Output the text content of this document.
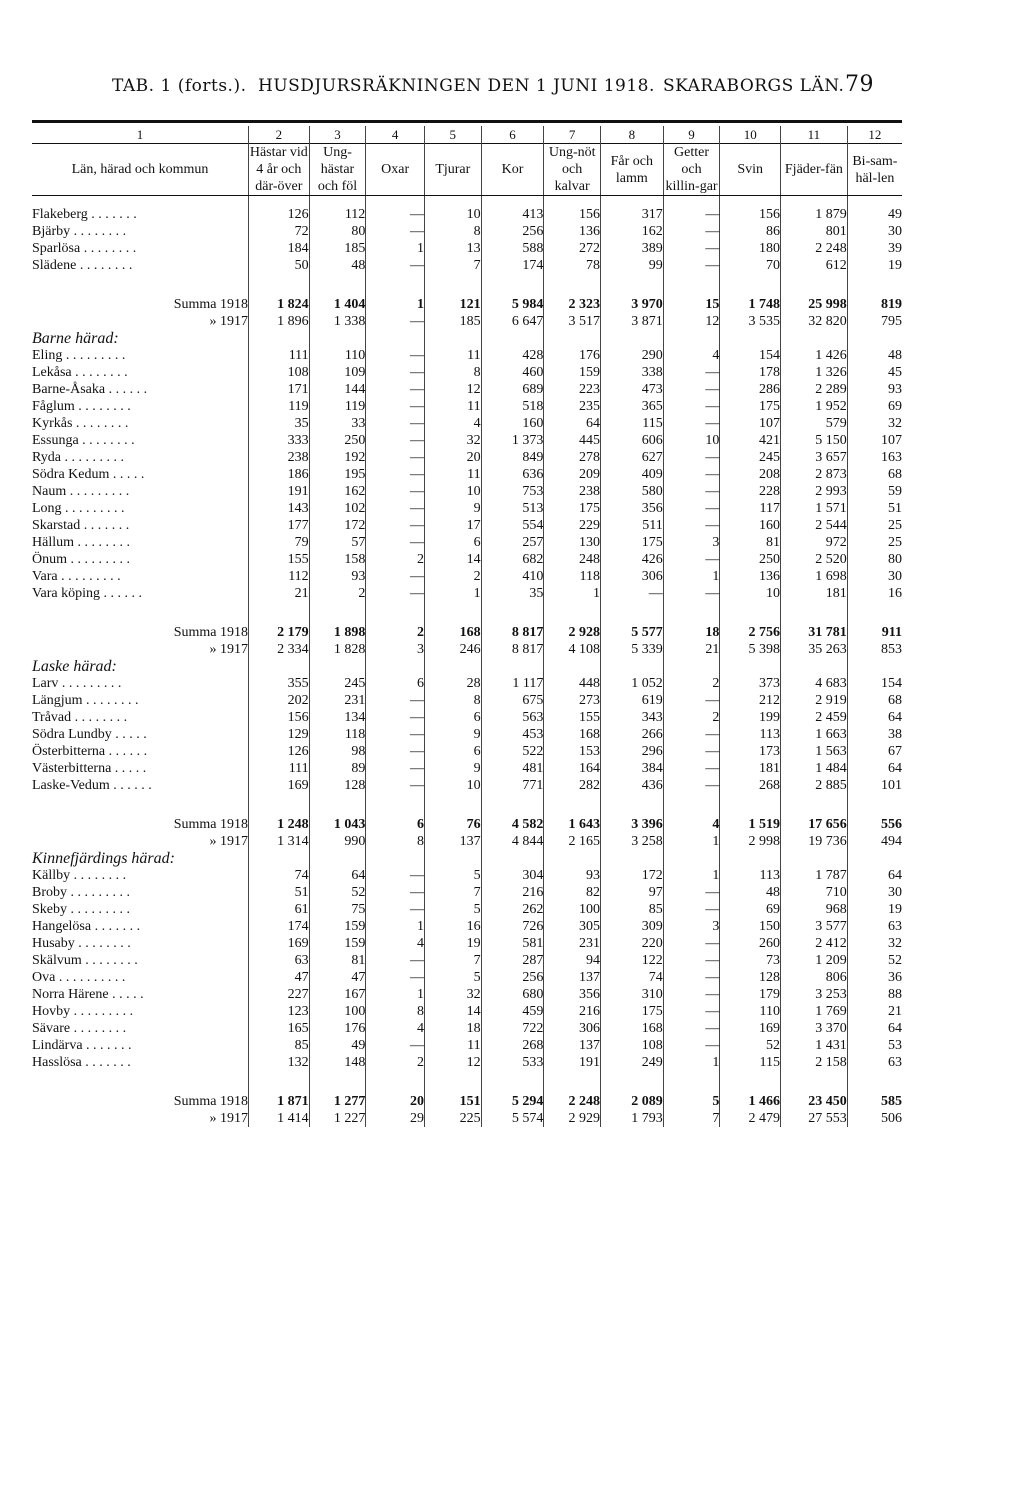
TAB. 1 (forts.). HUSDJURSRÄKNINGEN DEN 1 JUNI 1918. SKARABORGS LÄN. 79
1	2	3	4	5	6	7	8	9	10	11	12
Län, härad och kommun	Hästar vid 4 år och där-över	Ung-hästar och föl	Oxar	Tjurar	Kor	Ung-nöt och kalvar	Får och lamm	Getter och killin-gar	Svin	Fjäder-fän	Bi-sam-häl-len

Flakeberg . . . . . . .	126	112	—	10	413	156	317	—	156	1 879	49
Bjärby . . . . . . . .	72	80	—	8	256	136	162	—	86	801	30
Sparlösa . . . . . . . .	184	185	1	13	588	272	389	—	180	2 248	39
Slädene . . . . . . . .	50	48	—	7	174	78	99	—	70	612	19

Summa 1918	1 824	1 404	1	121	5 984	2 323	3 970	15	1 748	25 998	819
» 1917	1 896	1 338	—	185	6 647	3 517	3 871	12	3 535	32 820	795
Barne härad:											
Eling . . . . . . . . .	111	110	—	11	428	176	290	4	154	1 426	48
Lekåsa . . . . . . . .	108	109	—	8	460	159	338	—	178	1 326	45
Barne-Åsaka . . . . . .	171	144	—	12	689	223	473	—	286	2 289	93
Fåglum . . . . . . . .	119	119	—	11	518	235	365	—	175	1 952	69
Kyrkås . . . . . . . .	35	33	—	4	160	64	115	—	107	579	32
Essunga . . . . . . . .	333	250	—	32	1 373	445	606	10	421	5 150	107
Ryda . . . . . . . . .	238	192	—	20	849	278	627	—	245	3 657	163
Södra Kedum . . . . .	186	195	—	11	636	209	409	—	208	2 873	68
Naum . . . . . . . . .	191	162	—	10	753	238	580	—	228	2 993	59
Long . . . . . . . . .	143	102	—	9	513	175	356	—	117	1 571	51
Skarstad . . . . . . .	177	172	—	17	554	229	511	—	160	2 544	25
Hällum . . . . . . . .	79	57	—	6	257	130	175	3	81	972	25
Önum . . . . . . . . .	155	158	2	14	682	248	426	—	250	2 520	80
Vara . . . . . . . . .	112	93	—	2	410	118	306	1	136	1 698	30
Vara köping . . . . . .	21	2	—	1	35	1	—	—	10	181	16

Summa 1918	2 179	1 898	2	168	8 817	2 928	5 577	18	2 756	31 781	911
» 1917	2 334	1 828	3	246	8 817	4 108	5 339	21	5 398	35 263	853
Laske härad:											
Larv . . . . . . . . .	355	245	6	28	1 117	448	1 052	2	373	4 683	154
Längjum . . . . . . . .	202	231	—	8	675	273	619	—	212	2 919	68
Tråvad . . . . . . . .	156	134	—	6	563	155	343	2	199	2 459	64
Södra Lundby . . . . .	129	118	—	9	453	168	266	—	113	1 663	38
Österbitterna . . . . . .	126	98	—	6	522	153	296	—	173	1 563	67
Västerbitterna . . . . .	111	89	—	9	481	164	384	—	181	1 484	64
Laske-Vedum . . . . . .	169	128	—	10	771	282	436	—	268	2 885	101

Summa 1918	1 248	1 043	6	76	4 582	1 643	3 396	4	1 519	17 656	556
» 1917	1 314	990	8	137	4 844	2 165	3 258	1	2 998	19 736	494
Kinnefjärdings härad:											
Källby . . . . . . . .	74	64	—	5	304	93	172	1	113	1 787	64
Broby . . . . . . . . .	51	52	—	7	216	82	97	—	48	710	30
Skeby . . . . . . . . .	61	75	—	5	262	100	85	—	69	968	19
Hangelösa . . . . . . .	174	159	1	16	726	305	309	3	150	3 577	63
Husaby . . . . . . . .	169	159	4	19	581	231	220	—	260	2 412	32
Skälvum . . . . . . . .	63	81	—	7	287	94	122	—	73	1 209	52
Ova . . . . . . . . . .	47	47	—	5	256	137	74	—	128	806	36
Norra Härene . . . . .	227	167	1	32	680	356	310	—	179	3 253	88
Hovby . . . . . . . . .	123	100	8	14	459	216	175	—	110	1 769	21
Sävare . . . . . . . .	165	176	4	18	722	306	168	—	169	3 370	64
Lindärva . . . . . . .	85	49	—	11	268	137	108	—	52	1 431	53
Hasslösa . . . . . . .	132	148	2	12	533	191	249	1	115	2 158	63

Summa 1918	1 871	1 277	20	151	5 294	2 248	2 089	5	1 466	23 450	585
» 1917	1 414	1 227	29	225	5 574	2 929	1 793	7	2 479	27 553	506
